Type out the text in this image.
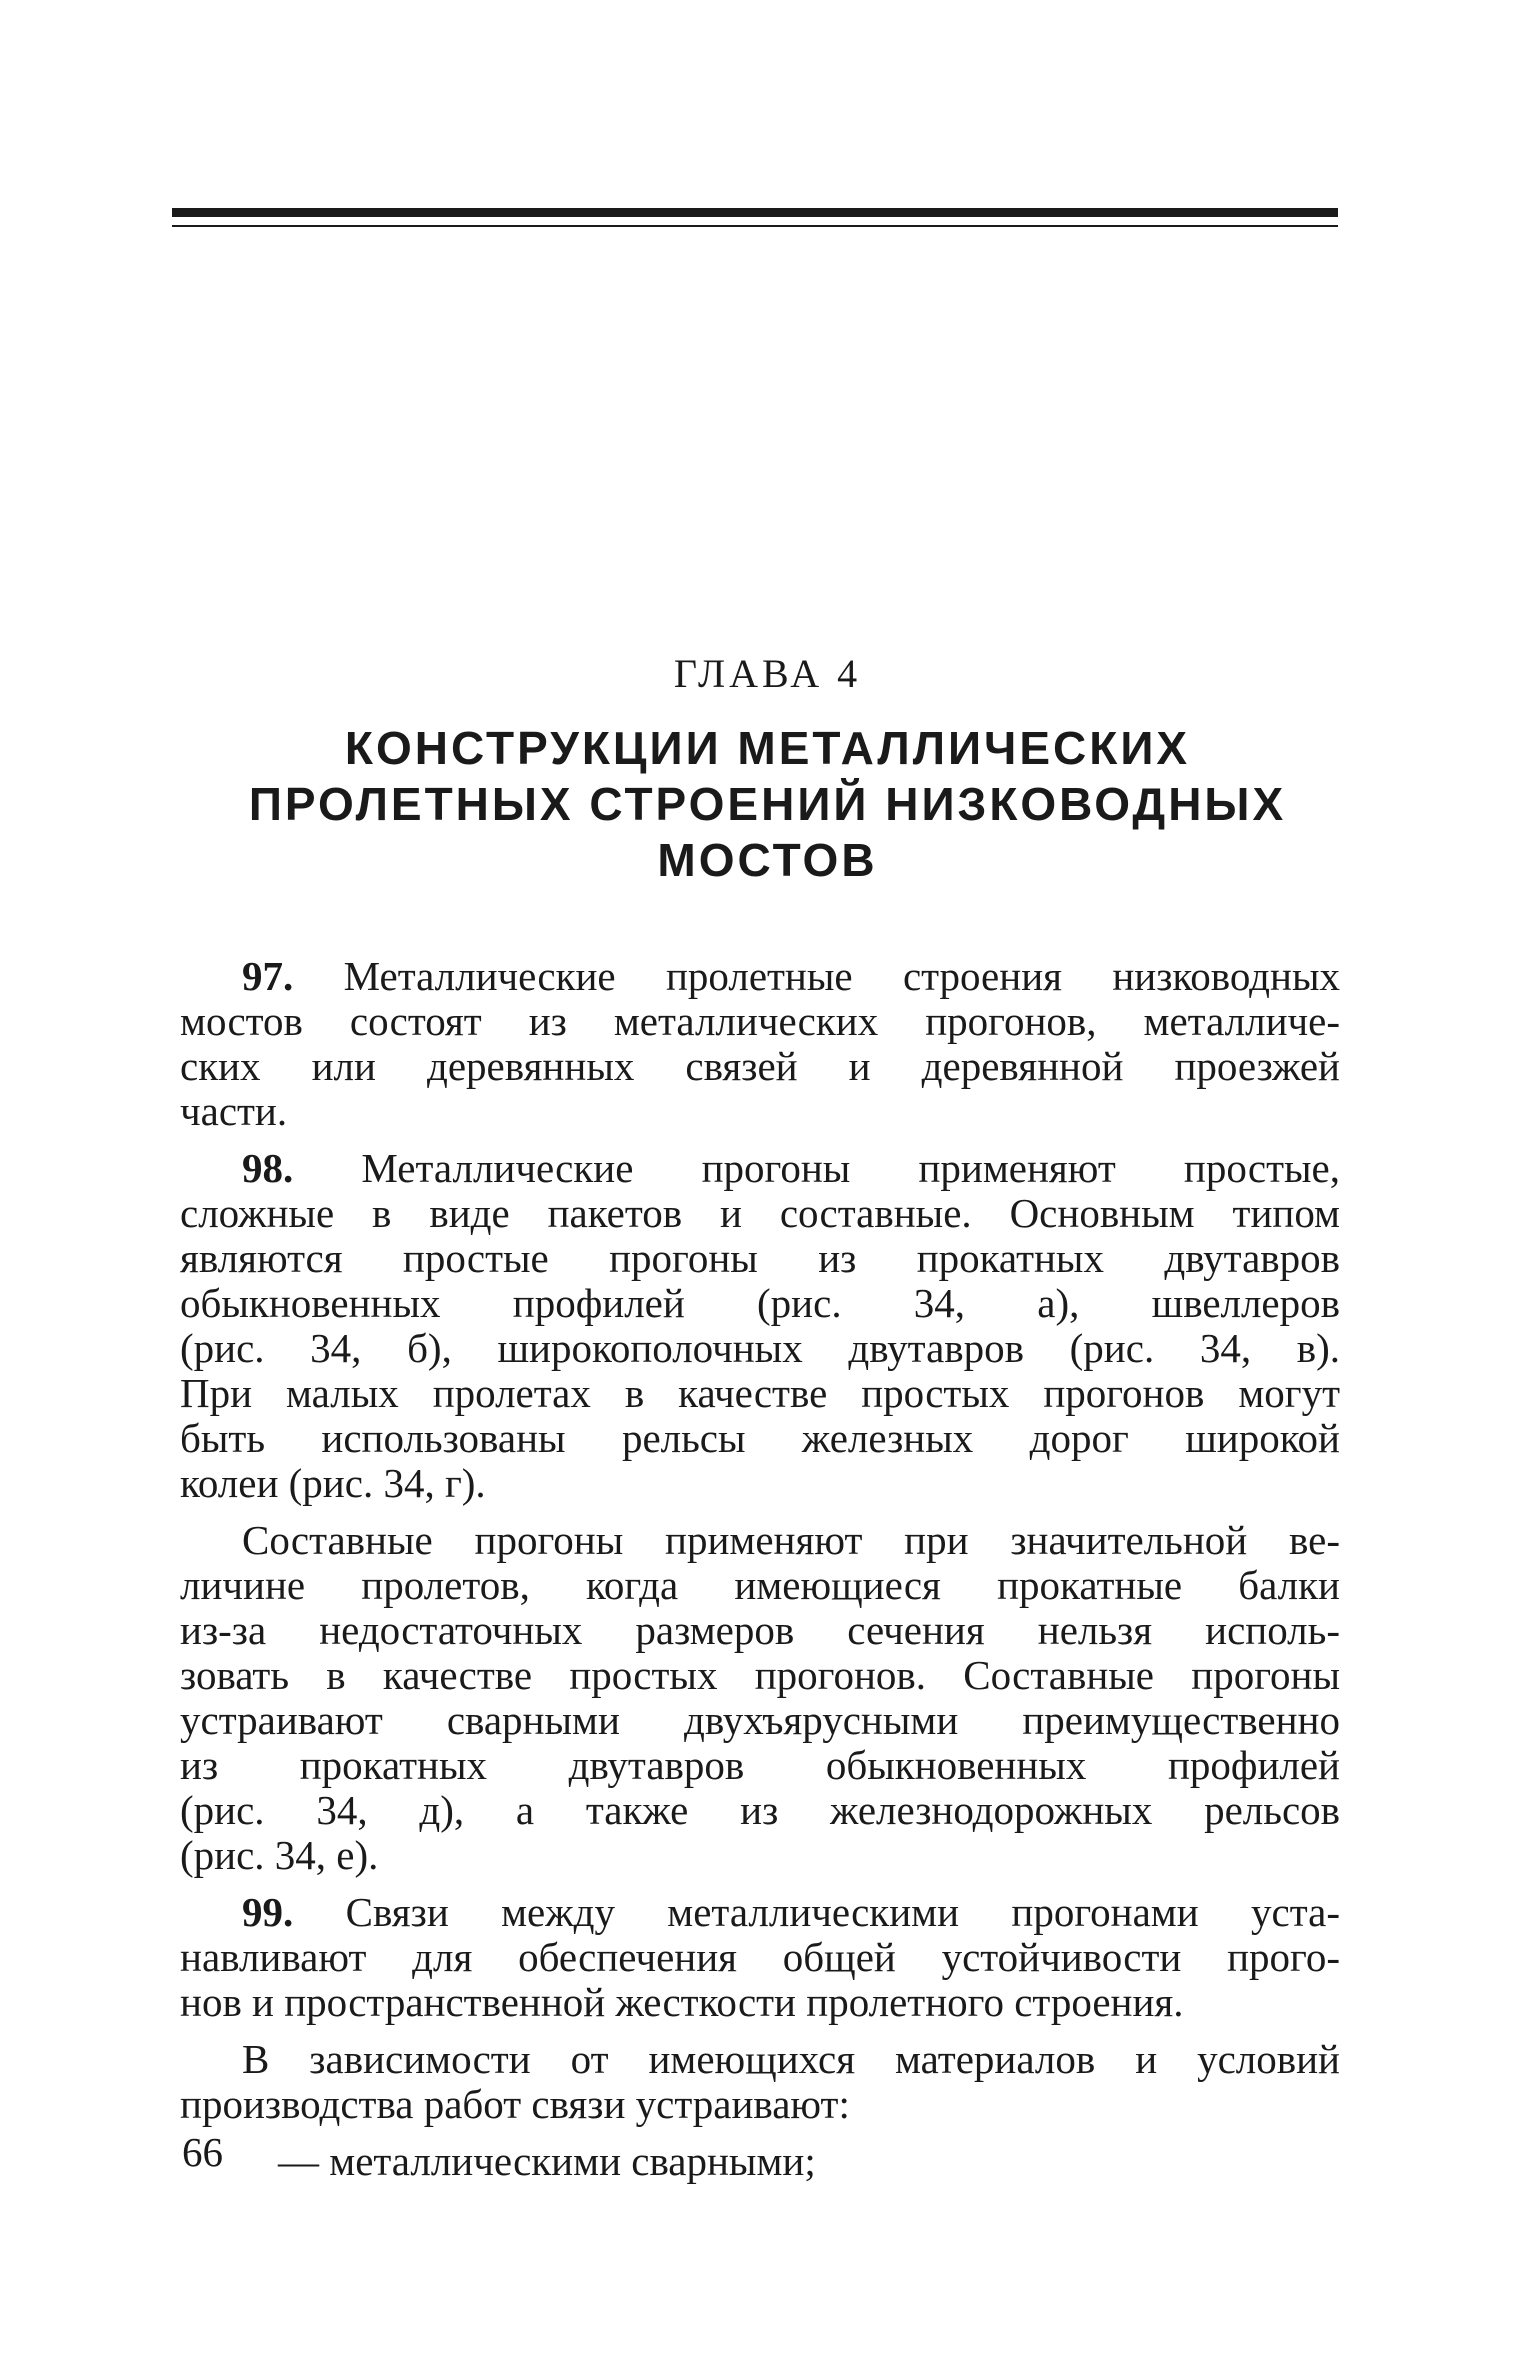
ГЛАВА 4
КОНСТРУКЦИИ МЕТАЛЛИЧЕСКИХ
ПРОЛЕТНЫХ СТРОЕНИЙ НИЗКОВОДНЫХ
МОСТОВ
97. Металлические пролетные строения низководных
мостов состоят из металлических прогонов, металличе-
ских или деревянных связей и деревянной проезжей
части.
98. Металлические прогоны применяют простые,
сложные в виде пакетов и составные. Основным типом
являются простые прогоны из прокатных двутавров
обыкновенных профилей (рис. 34, а), швеллеров
(рис. 34, б), широкополочных двутавров (рис. 34, в).
При малых пролетах в качестве простых прогонов могут
быть использованы рельсы железных дорог широкой
колеи (рис. 34, г).
Составные прогоны применяют при значительной ве-
личине пролетов, когда имеющиеся прокатные балки
из-за недостаточных размеров сечения нельзя исполь-
зовать в качестве простых прогонов. Составные прогоны
устраивают сварными двухъярусными преимущественно
из прокатных двутавров обыкновенных профилей
(рис. 34, д), а также из железнодорожных рельсов
(рис. 34, е).
99. Связи между металлическими прогонами уста-
навливают для обеспечения общей устойчивости прого-
нов и пространственной жесткости пролетного строения.
В зависимости от имеющихся материалов и условий
производства работ связи устраивают:
— металлическими сварными;
66
